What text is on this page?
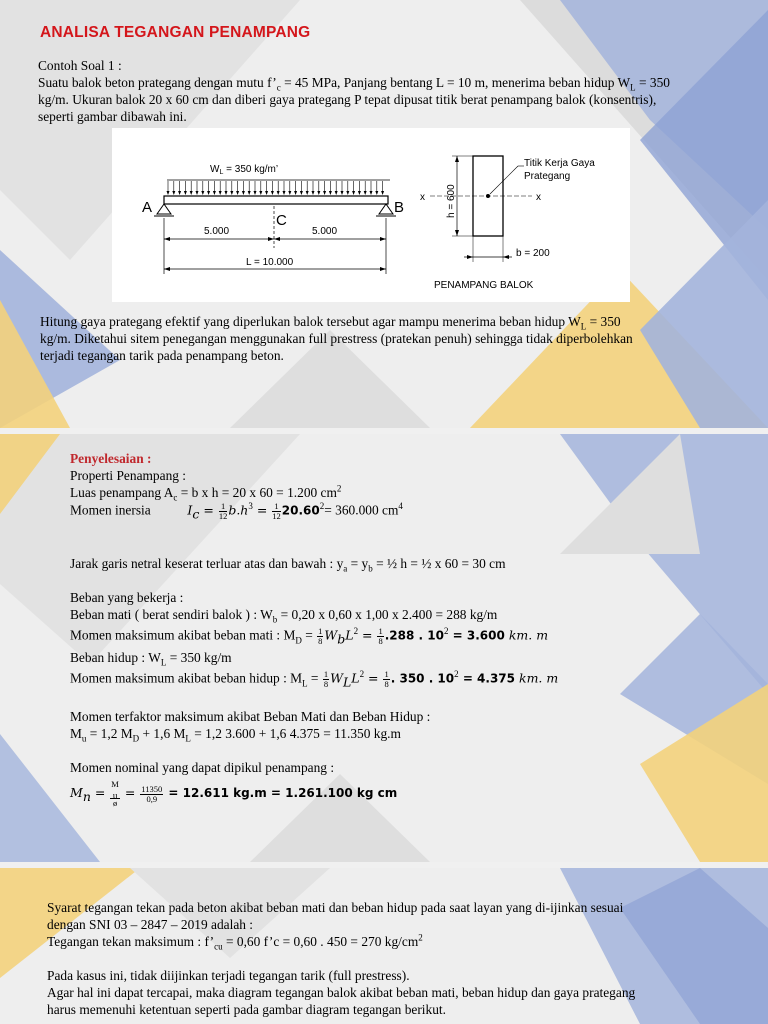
ANALISA TEGANGAN PENAMPANG
Contoh Soal 1 :
Suatu balok beton prategang dengan mutu $f’_c = 45$ MPa, Panjang bentang L = 10 m, menerima beban hidup $W_L = 350$
kg/m. Ukuran balok 20 x 60 cm dan diberi gaya prategang P tepat dipusat titik berat penampang balok (konsentris),
seperti gambar dibawah ini.
$W_L = 350$ kg/m’
A	B
C
5.000	5.000
L = 10.000
x	x
h = 600
b = 200
Titik Kerja Gaya
Prategang
PENAMPANG BALOK
Hitung gaya prategang efektif yang diperlukan balok tersebut agar mampu menerima beban hidup $W_L = 350$
kg/m. Diketahui sitem penegangan menggunakan full prestress (pratekan penuh) sehingga tidak diperbolehkan
terjadi tegangan tarik pada penampang beton.
Penyelesaian :
Properti Penampang :
Luas penampang $A_c = b$ x h = 20 x 60 = 1.200 $cm^2$
Momen inersia	$I_c = \frac{1}{12} b.h^3 = \frac{1}{12} 20.60^2= 360.000$ $cm^4$
Jarak garis netral keserat terluar atas dan bawah : $y_a = y_b$ = ½ h = ½ x 60 = 30 cm
Beban yang bekerja :
Beban mati ( berat sendiri balok ) : $W_b = 0,20$ x 0,60 x 1,00 x 2.400 = 288 kg/m
Momen maksimum akibat beban mati : $M_D = \frac{1}{8} W_bL^2 = \frac{1}{8} .288$ . $10^2 = 3.600$ km. m
Beban hidup : $W_L = 350$ kg/m
Momen maksimum akibat beban hidup : $M_L = \frac{1}{8} W_LL^2 = \frac{1}{8}$ . 350 . $10^2 = 4.375$ km. m
Momen terfaktor maksimum akibat Beban Mati dan Beban Hidup :
$M_u = 1,2$ $M_D + 1,6$ $M_L = 1,2$ 3.600 + 1,6 4.375 = 11.350 kg.m
Momen nominal yang dapat dipikul penampang :
$M_n = M$
$_u$
ø = $\frac{11350}{0,9} = 12.611$ kg.m = 1.261.100 kg cm
Syarat tegangan tekan pada beton akibat beban mati dan beban hidup pada saat layan yang di-ijinkan sesuai
dengan SNI 03 – 2847 – 2019 adalah :
Tegangan tekan maksimum : $f’_{cu} = 0,60$ f’c = 0,60 . 450 = 270 $kg/cm^2$
Pada kasus ini, tidak diijinkan terjadi tegangan tarik (full prestress).
Agar hal ini dapat tercapai, maka diagram tegangan balok akibat beban mati, beban hidup dan gaya prategang
harus memenuhi ketentuan seperti pada gambar diagram tegangan berikut.
